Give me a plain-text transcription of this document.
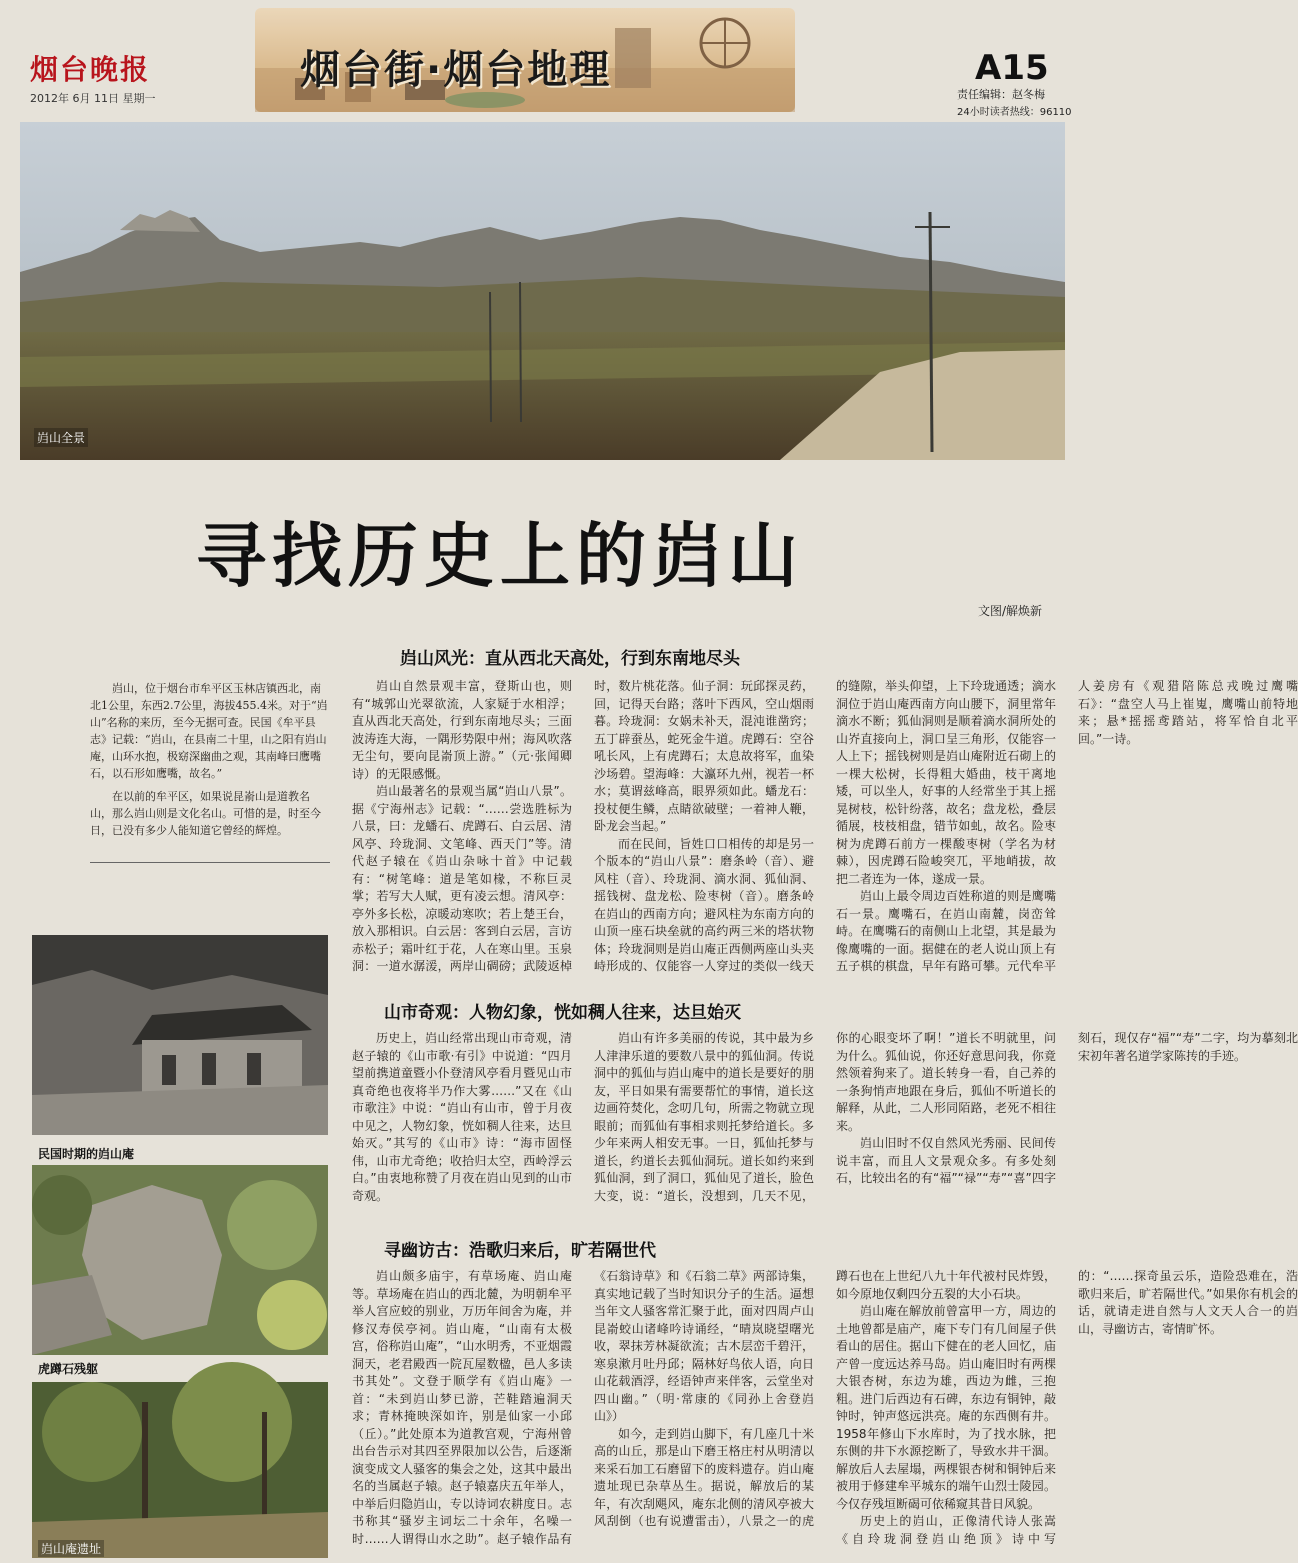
烟台晚报
2012年 6月 11日 星期一
烟台街·烟台地理	A15
责任编辑：赵冬梅
24小时读者热线：96110
岿山全景
寻找历史上的岿山
文图/解焕新

岿山，位于烟台市牟平区玉林店镇西北，南北1公里，东西2.7公里，海拔455.4米。对于“岿山”名称的来历，至今无据可查。民国《牟平县志》记载：“岿山，在县南二十里，山之阳有岿山庵，山环水抱，极窈深幽曲之观，其南峰曰鹰嘴石，以石形如鹰嘴，故名。”

在以前的牟平区，如果说昆嵛山是道教名山，那么岿山则是文化名山。可惜的是，时至今日，已没有多少人能知道它曾经的辉煌。

岿山风光：直从西北天高处，行到东南地尽头

岿山自然景观丰富，登斯山也，则有“城郭山光翠欲流，人家疑于水相浮；直从西北天高处，行到东南地尽头；三面波涛连大海，一隅形势限中州；海风吹落无尘句，要向昆嵛顶上游。”（元·张闻卿诗）的无限感慨。

岿山最著名的景观当属“岿山八景”。据《宁海州志》记载：“……尝选胜标为八景，曰：龙蟠石、虎蹲石、白云居、清风亭、玲珑洞、文笔峰、西天门”等。清代赵子辕在《岿山杂咏十首》中记载有：“树笔峰：道是笔如椽，不称巨灵掌；若写大人赋，更有凌云想。清风亭：亭外多长松，凉暖动寒吹；若上楚王台，放入那相识。白云居：客到白云居，言访赤松子；霜叶红于花，人在寒山里。玉泉洞：一道水潺湲，两岸山碉磅；武陵返棹时，数片桃花落。仙子洞：玩邱探灵药，回，记得天台路；落叶下西风，空山烟雨暮。玲珑洞：女娲未补天，混沌谁凿窍；五丁辟蚕丛，蛇死金牛道。虎蹲石：空谷吼长风，上有虎蹲石；太息故将军，血染沙场碧。望海峰：大瀛环九州，视若一杯水；莫谓兹峰高，眼界须如此。蟠龙石：投杖便生鳞，点睛欲破壁；一着神人鞭，卧龙会当起。”

而在民间，旨姓口口相传的却是另一个版本的“岿山八景”：磨条岭（音）、避风柱（音）、玲珑洞、滴水洞、狐仙洞、摇钱树、盘龙松、险枣树（音）。磨条岭在岿山的西南方向；避风柱为东南方向的山顶一座石块垒就的高约两三米的塔状物体；玲珑洞则是岿山庵正西侧两座山头夹峙形成的、仅能容一人穿过的类似一线天的缝隙，举头仰望，上下玲珑通透；滴水洞位于岿山庵西南方向山腰下，洞里常年滴水不断；狐仙洞则是顺着滴水洞所处的山岕直接向上，洞口呈三角形，仅能容一人上下；摇钱树则是岿山庵附近石砌上的一棵大松树，长得粗大婚曲，枝干离地矮，可以坐人，好事的人经常坐于其上摇晃树枝，松针纷落，故名；盘龙松，叠层循展，枝枝相盘，错节如虬，故名。险枣树为虎蹲石前方一棵酸枣树（学名为材棘），因虎蹲石险峻突兀，平地峭拔，故把二者连为一体，遂成一景。

岿山上最令周边百姓称道的则是鹰嘴石一景。鹰嘴石，在岿山南麓，岗峦耸峙。在鹰嘴石的南侧山上北望，其是最为像鹰嘴的一面。据健在的老人说山顶上有五子棋的棋盘，早年有路可攀。元代牟平人姜房有《观猎陪陈总戎晚过鹰嘴石》：“盘空人马上崔嵬，鹰嘴山前特地来；悬*摇摇鸢踏站，将军恰自北平回。”一诗。

山市奇观：人物幻象，恍如稠人往来，达旦始灭

历史上，岿山经常出现山市奇观，清赵子辕的《山市歌·有引》中说道：“四月望前携道童暨小仆登清风亭看月暨见山市真奇绝也夜将半乃作大雾……”又在《山市歌注》中说：“岿山有山市，曾于月夜中见之，人物幻象，恍如稠人往来，达旦始灭。”其写的《山市》诗：“海市固怪伟，山市尤奇绝；收拾归太空，西岭浮云白。”由衷地称赞了月夜在岿山见到的山市奇观。

岿山有许多美丽的传说，其中最为乡人津津乐道的要数八景中的狐仙洞。传说洞中的狐仙与岿山庵中的道长是要好的朋友，平日如果有需要帮忙的事情，道长这边画符焚化，念叨几句，所需之物就立现眼前；而狐仙有事相求则托梦给道长。多少年来两人相安无事。一日，狐仙托梦与道长，约道长去狐仙洞玩。道长如约来到狐仙洞，到了洞口，狐仙见了道长，脸色大变，说：“道长，没想到，几天不见，你的心眼变坏了啊！”道长不明就里，问为什么。狐仙说，你还好意思问我，你竟然领着狗来了。道长转身一看，自己养的一条狗悄声地跟在身后，狐仙不听道长的解释，从此，二人形同陌路，老死不相往来。

岿山旧时不仅自然风光秀丽、民间传说丰富，而且人文景观众多。有多处刻石，比较出名的有“福”“禄”“寿”“喜”四字刻石，现仅存“福”“寿”二字，均为摹刻北宋初年著名道学家陈抟的手迹。

寻幽访古：浩歌归来后，旷若隔世代

岿山颇多庙宇，有草场庵、岿山庵等。草场庵在岿山的西北麓，为明朝牟平举人宫应蛟的别业，万历年间舍为庵，并修汉寿侯亭祠。岿山庵，“山南有太极宫，俗称岿山庵”，“山水明秀，不亚烟霞洞天，老君殿西一院瓦屋数楹，邑人多读书其处”。文登于顺学有《岿山庵》一首：“未到岿山梦已游，芒鞋踏遍洞天求；青林掩映深如许，别是仙家一小邱（丘）。”此处原本为道教宫观，宁海州曾出台告示对其四至界限加以公告，后逐渐演变成文人骚客的集会之处，这其中最出名的当属赵子辕。赵子辕嘉庆五年举人，中举后归隐岿山，专以诗词农耕度日。志书称其“骚岁主词坛二十余年，名噪一时……人谓得山水之助”。赵子辕作品有《石翁诗草》和《石翁二草》两部诗集，真实地记载了当时知识分子的生活。逼想当年文人骚客常汇聚于此，面对四周卢山昆嵛蛟山诸峰吟诗诵经，“晴岚晓望曙光收，翠抹芳林凝欲流；古木层峦千碧汗，寒泉漱月吐丹邱；隔林好鸟依人语，向日山花载酒浮，经语钟声来伴客，云堂坐对四山幽。”（明·常康的《同孙上舍登岿山》）

如今，走到岿山脚下，有几座几十米高的山丘，那是山下磨王格庄村从明清以来采石加工石磨留下的废料遗存。岿山庵遗址现已杂草丛生。据说，解放后的某年，有次刮飓风，庵东北侧的清风亭被大风刮倒（也有说遭雷击），八景之一的虎蹲石也在上世纪八九十年代被村民炸毁，如今原地仅剩四分五裂的大小石块。

岿山庵在解放前曾富甲一方，周边的土地曾都是庙产，庵下专门有几间屋子供看山的居住。据山下健在的老人回忆，庙产曾一度远达养马岛。岿山庵旧时有两棵大银杏树，东边为雄，西边为雌，三抱粗。进门后西边有石碑，东边有铜钟，敲钟时，钟声悠远洪亮。庵的东西侧有井。1958年修山下水库时，为了找水脉，把东侧的井下水源挖断了，导致水井干涸。解放后人去屋塌，两棵银杏树和铜钟后来被用于修建牟平城东的端午山烈士陵园。今仅存残垣断碣可依稀窥其昔日风貌。

历史上的岿山，正像清代诗人张嵩《自玲珑洞登岿山绝顶》诗中写的：“……探奇虽云乐，造险恐难在，浩歌归来后，旷若隔世代。”如果你有机会的话，就请走进自然与人文天人合一的岿山，寻幽访古，寄情旷怀。

民国时期的岿山庵
虎蹲石残躯
岿山庵遗址
